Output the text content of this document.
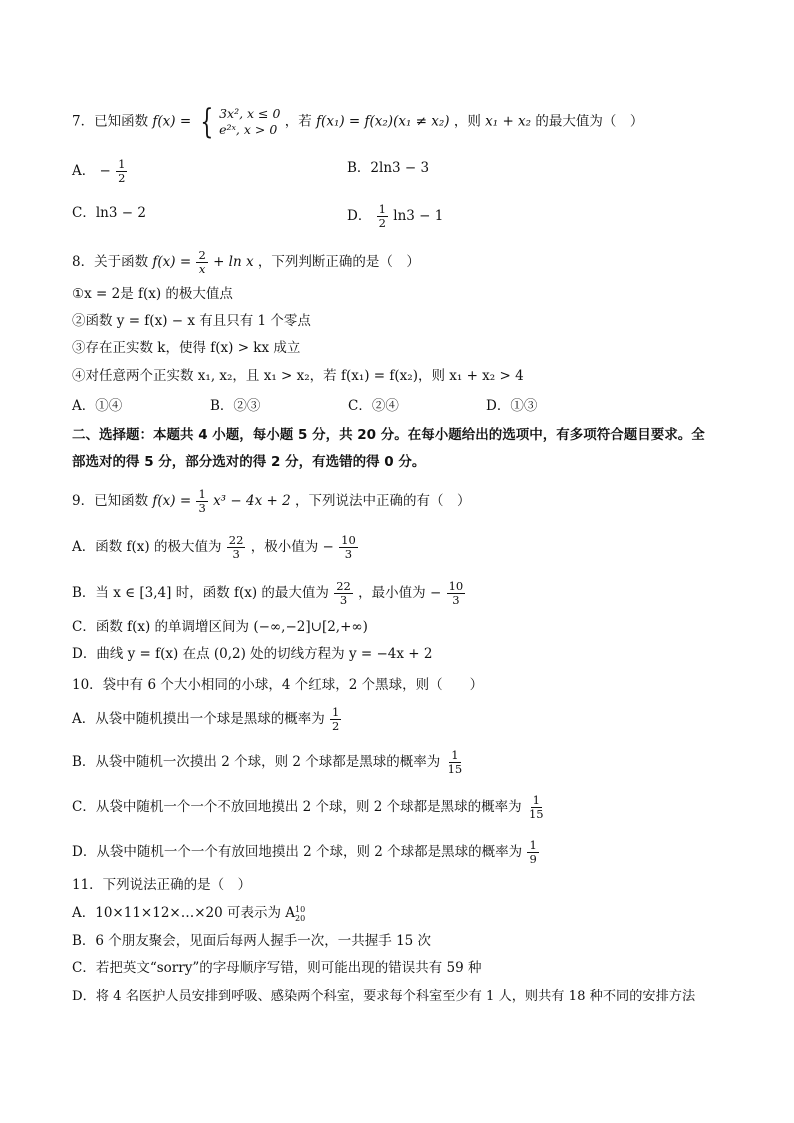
7．已知函数 f(x) = { 3x², x ≤ 0
e²ˣ, x > 0 ，若 f(x₁) = f(x₂)(x₁ ≠ x₂) ，则 x₁ + x₂ 的最大值为（　）
A． − $\frac{1}{2}$	B．2ln3 − 3
C．ln3 − 2	D． $\frac{1}{2} \ln 3 - 1$
8．关于函数 $f(x) = \frac{2}{x} + \ln x$ ，下列判断正确的是（　）
①x = 2是 f(x) 的极大值点
②函数 y = f(x) − x 有且只有 1 个零点
③存在正实数 k，使得 f(x) > kx 成立
④对任意两个正实数 x₁, x₂，且 x₁ > x₂，若 f(x₁) = f(x₂)，则 x₁ + x₂ > 4
A．①④	B．②③	C．②④	D．①③
二、选择题：本题共 4 小题，每小题 5 分，共 20 分。在每小题给出的选项中，有多项符合题目要求。全
部选对的得 5 分，部分选对的得 2 分，有选错的得 0 分。
9．已知函数 $f(x) = \frac{1}{3} x^3 - 4x + 2$ ，下列说法中正确的有（　）
A．函数 f(x) 的极大值为 $\frac{22}{3}$ ，极小值为 − $\frac{10}{3}$
B．当 x ∈ [3,4] 时，函数 f(x) 的最大值为 $\frac{22}{3}$ ，最小值为 − $\frac{10}{3}$
C．函数 f(x) 的单调增区间为 (−∞,−2]∪[2,+∞)
D．曲线 y = f(x) 在点 (0,2) 处的切线方程为 y = −4x + 2
10．袋中有 6 个大小相同的小球，4 个红球，2 个黑球，则（　　）
A．从袋中随机摸出一个球是黑球的概率为 $\frac{1}{2}$
B．从袋中随机一次摸出 2 个球，则 2 个球都是黑球的概率为 $\frac{1}{15}$
C．从袋中随机一个一个不放回地摸出 2 个球，则 2 个球都是黑球的概率为 $\frac{1}{15}$
D．从袋中随机一个一个有放回地摸出 2 个球，则 2 个球都是黑球的概率为 $\frac{1}{9}$
11．下列说法正确的是（　）
A．10×11×12×…×20 可表示为 A 10
20
B．6 个朋友聚会，见面后每两人握手一次，一共握手 15 次
C．若把英文“sorry”的字母顺序写错，则可能出现的错误共有 59 种
D．将 4 名医护人员安排到呼吸、感染两个科室，要求每个科室至少有 1 人，则共有 18 种不同的安排方法
